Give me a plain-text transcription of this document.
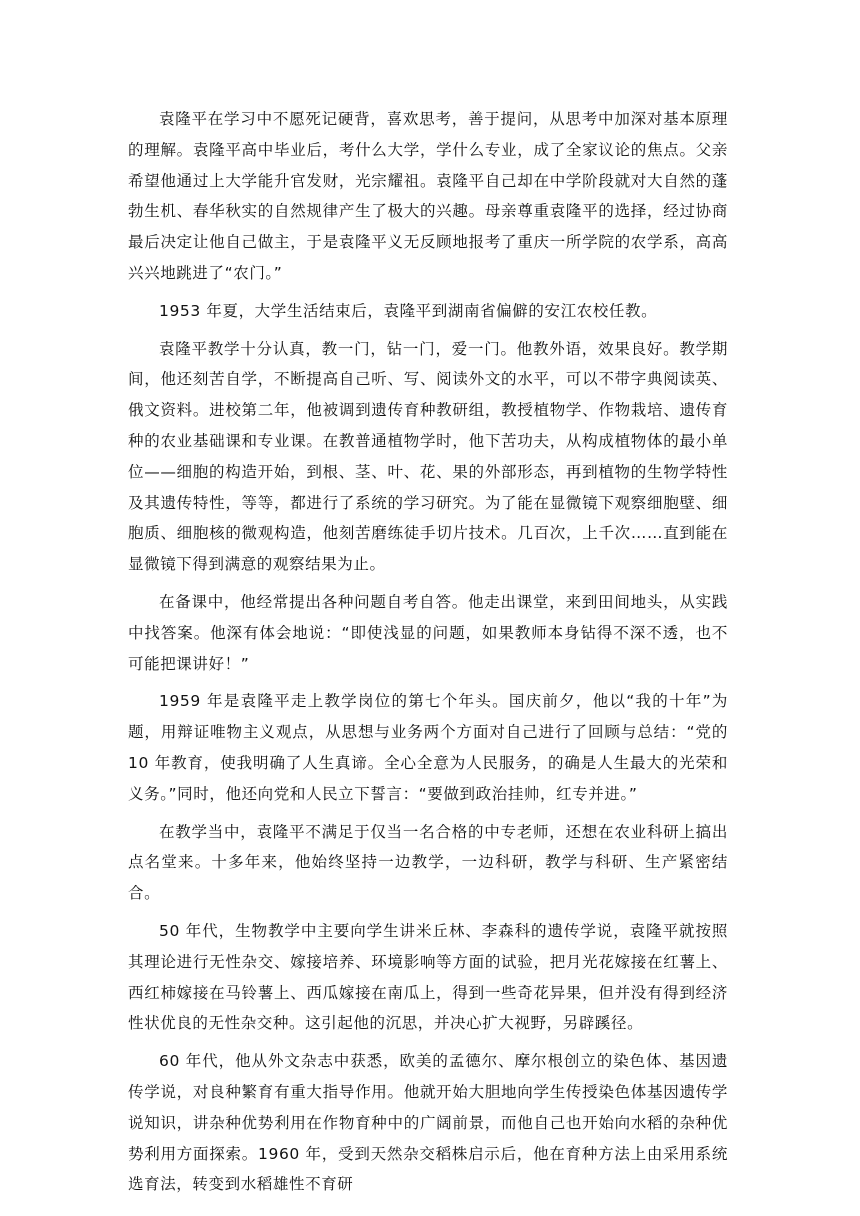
袁隆平在学习中不愿死记硬背，喜欢思考，善于提问，从思考中加深对基本原理的理解。袁隆平高中毕业后，考什么大学，学什么专业，成了全家议论的焦点。父亲希望他通过上大学能升官发财，光宗耀祖。袁隆平自己却在中学阶段就对大自然的蓬勃生机、春华秋实的自然规律产生了极大的兴趣。母亲尊重袁隆平的选择，经过协商最后决定让他自己做主，于是袁隆平义无反顾地报考了重庆一所学院的农学系，高高兴兴地跳进了“农门。”

1953 年夏，大学生活结束后，袁隆平到湖南省偏僻的安江农校任教。

袁隆平教学十分认真，教一门，钻一门，爱一门。他教外语，效果良好。教学期间，他还刻苦自学，不断提高自己听、写、阅读外文的水平，可以不带字典阅读英、俄文资料。进校第二年，他被调到遗传育种教研组，教授植物学、作物栽培、遗传育种的农业基础课和专业课。在教普通植物学时，他下苦功夫，从构成植物体的最小单位——细胞的构造开始，到根、茎、叶、花、果的外部形态，再到植物的生物学特性及其遗传特性，等等，都进行了系统的学习研究。为了能在显微镜下观察细胞壁、细胞质、细胞核的微观构造，他刻苦磨练徒手切片技术。几百次，上千次……直到能在显微镜下得到满意的观察结果为止。

在备课中，他经常提出各种问题自考自答。他走出课堂，来到田间地头，从实践中找答案。他深有体会地说：“即使浅显的问题，如果教师本身钻得不深不透，也不可能把课讲好！”

1959 年是袁隆平走上教学岗位的第七个年头。国庆前夕，他以“我的十年”为题，用辩证唯物主义观点，从思想与业务两个方面对自己进行了回顾与总结：“党的 10 年教育，使我明确了人生真谛。全心全意为人民服务，的确是人生最大的光荣和义务。”同时，他还向党和人民立下誓言：“要做到政治挂帅，红专并进。”

在教学当中，袁隆平不满足于仅当一名合格的中专老师，还想在农业科研上搞出点名堂来。十多年来，他始终坚持一边教学，一边科研，教学与科研、生产紧密结合。

50 年代，生物教学中主要向学生讲米丘林、李森科的遗传学说，袁隆平就按照其理论进行无性杂交、嫁接培养、环境影响等方面的试验，把月光花嫁接在红薯上、西红柿嫁接在马铃薯上、西瓜嫁接在南瓜上，得到一些奇花异果，但并没有得到经济性状优良的无性杂交种。这引起他的沉思，并决心扩大视野，另辟蹊径。

60 年代，他从外文杂志中获悉，欧美的孟德尔、摩尔根创立的染色体、基因遗传学说，对良种繁育有重大指导作用。他就开始大胆地向学生传授染色体基因遗传学说知识，讲杂种优势利用在作物育种中的广阔前景，而他自己也开始向水稻的杂种优势利用方面探索。1960 年，受到天然杂交稻株启示后，他在育种方法上由采用系统选育法，转变到水稻雄性不育研
